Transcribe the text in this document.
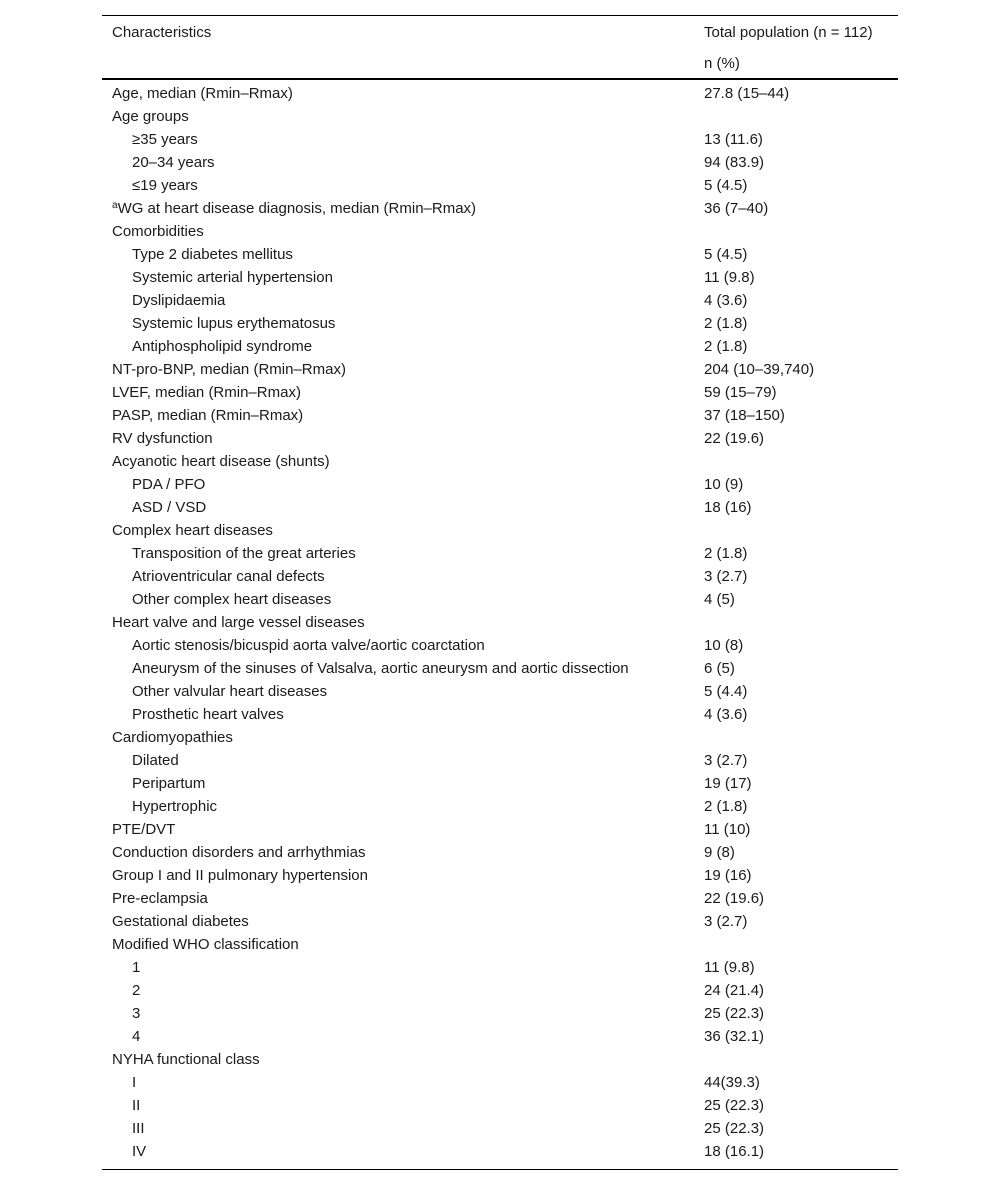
Characteristics	Total population (n = 112)
n (%)
Age, median (Rmin–Rmax)	27.8 (15–44)
Age groups
≥35 years	13 (11.6)
20–34 years	94 (83.9)
≤19 years	5 (4.5)
$^a$WG at heart disease diagnosis, median (Rmin–Rmax)	36 (7–40)
Comorbidities
Type 2 diabetes mellitus	5 (4.5)
Systemic arterial hypertension	11 (9.8)
Dyslipidaemia	4 (3.6)
Systemic lupus erythematosus	2 (1.8)
Antiphospholipid syndrome	2 (1.8)
NT-pro-BNP, median (Rmin–Rmax)	204 (10–39,740)
LVEF, median (Rmin–Rmax)	59 (15–79)
PASP, median (Rmin–Rmax)	37 (18–150)
RV dysfunction	22 (19.6)
Acyanotic heart disease (shunts)
PDA / PFO	10 (9)
ASD / VSD	18 (16)
Complex heart diseases
Transposition of the great arteries	2 (1.8)
Atrioventricular canal defects	3 (2.7)
Other complex heart diseases	4 (5)
Heart valve and large vessel diseases
Aortic stenosis/bicuspid aorta valve/aortic coarctation	10 (8)
Aneurysm of the sinuses of Valsalva, aortic aneurysm and aortic dissection	6 (5)
Other valvular heart diseases	5 (4.4)
Prosthetic heart valves	4 (3.6)
Cardiomyopathies
Dilated	3 (2.7)
Peripartum	19 (17)
Hypertrophic	2 (1.8)
PTE/DVT	11 (10)
Conduction disorders and arrhythmias	9 (8)
Group I and II pulmonary hypertension	19 (16)
Pre-eclampsia	22 (19.6)
Gestational diabetes	3 (2.7)
Modified WHO classification
1	11 (9.8)
2	24 (21.4)
3	25 (22.3)
4	36 (32.1)
NYHA functional class
I	44(39.3)
II	25 (22.3)
III	25 (22.3)
IV	18 (16.1)
